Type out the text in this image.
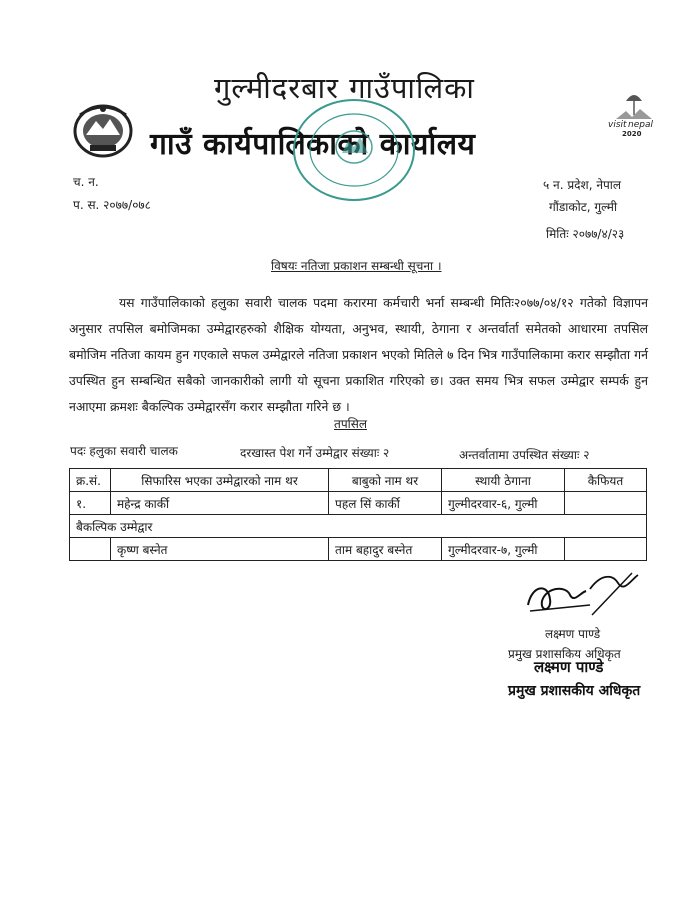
गुल्मीदरबार गाउँपालिका
गाउँ कार्यपालिकाको कार्यालय
visit nepal
2020
च. न.
प. स. २०७७/०७८
५ न. प्रदेश, नेपाल
गौंडाकोट, गुल्मी
मितिः २०७७/४/२३
विषयः नतिजा प्रकाशन सम्बन्धी सूचना ।
यस गाउँपालिकाको हलुका सवारी चालक पदमा करारमा कर्मचारी भर्ना सम्बन्धी मितिः२०७७/०४/१२ गतेको विज्ञापन अनुसार तपसिल बमोजिमका उम्मेद्वारहरुको शैक्षिक योग्यता, अनुभव, स्थायी, ठेगाना र अन्तर्वार्ता समेतको आधारमा तपसिल बमोजिम नतिजा कायम हुन गएकाले सफल उम्मेद्वारले नतिजा प्रकाशन भएको मितिले ७ दिन भित्र गाउँपालिकामा करार सम्झौता गर्न उपस्थित हुन सम्बन्धित सबैको जानकारीको लागी यो सूचना प्रकाशित गरिएको छ। उक्त समय भित्र सफल उम्मेद्वार सम्पर्क हुन नआएमा क्रमशः बैकल्पिक उम्मेद्वारसँग करार सम्झौता गरिने छ ।
तपसिल
पदः हलुका सवारी चालक	दरखास्त पेश गर्ने उम्मेद्वार संख्याः २	अन्तर्वातामा उपस्थित संख्याः २
क्र.सं.	सिफारिस भएका उम्मेद्वारको नाम थर	बाबुको नाम थर	स्थायी ठेगाना	कैफियत
१.	महेन्द्र कार्की	पहल सिं कार्की	गुल्मीदरवार-६, गुल्मी	
बैकल्पिक उम्मेद्वार				
	कृष्ण बस्नेत	ताम बहादुर बस्नेत	गुल्मीदरवार-७, गुल्मी	
लक्ष्मण पाण्डे
प्रमुख प्रशासकिय अधिकृत
लक्ष्मण पाण्डे
प्रमुख प्रशासकीय अधिकृत
